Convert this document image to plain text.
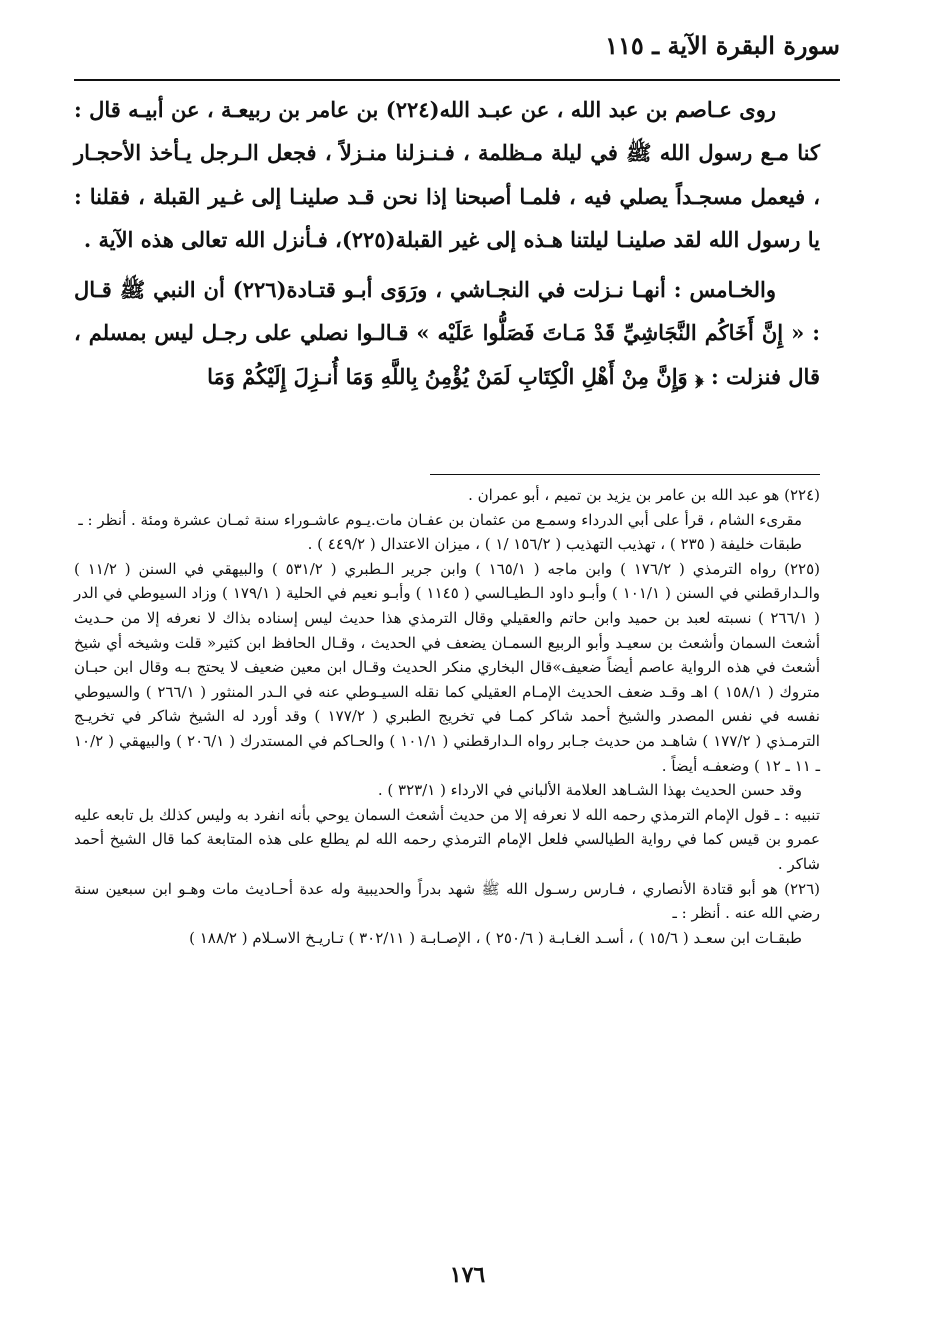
سورة البقرة الآية ـ ١١٥

روى عـاصم بن عبد الله ، عن عبـد الله(٢٢٤) بن عامر بن ربيعـة ، عن أبيـه قال : كنا مـع رسول الله ﷺ في ليلة مـظلمة ، فـنـزلنا منـزلاً ، فجعل الـرجل يـأخذ الأحجـار ، فيعمل مسجـداً يصلي فيه ، فلمـا أصبحنا إذا نحن قـد صلينـا إلى غـير القبلة ، فقلنا : يا رسول الله لقد صلينـا ليلتنا هـذه إلى غير القبلة(٢٢٥)، فـأنزل الله تعالى هذه الآية .

والخـامس : أنهـا نـزلت في النجـاشي ، ورَوَى أبـو قتـادة(٢٢٦) أن النبي ﷺ قـال : « إِنَّ أَخَاكُم النَّجَاشِيِّ قَدْ مَـاتَ فَصَلُّوا عَلَيْه » قـالـوا نصلي على رجـل ليس بمسلم ، قال فنزلت : ﴿ وَإِنَّ مِنْ أَهْلِ الْكِتَابِ لَمَنْ يُؤْمِنُ بِاللَّهِ وَمَا أُنـزِلَ إِلَيْكُمْ وَمَا

(٢٢٤) هو عبد الله بن عامر بن يزيد بن تميم ، أبو عمران .

مقرىء الشام ، قرأ على أبي الدرداء وسمـع من عثمان بن عفـان مات.يـوم عاشـوراء سنة ثمـان عشرة ومئة . أنظر : ـ

طبقات خليفة ( ٢٣٥ ) ، تهذيب التهذيب ( ١٥٦/٢ /١ ) ، ميزان الاعتدال ( ٤٤٩/٢ ) .

(٢٢٥) رواه الترمذي ( ١٧٦/٢ ) وابن ماجه ( ١٦٥/١ ) وابن جرير الـطبري ( ٥٣١/٢ ) والبيهقي في السنن ( ١١/٢ ) والـدارقطني في السنن ( ١٠١/١ ) وأبـو داود الـطيـالسي ( ١١٤٥ ) وأبـو نعيم في الحلية ( ١٧٩/١ ) وزاد السيوطي في الدر ( ٢٦٦/١ ) نسبته لعبد بن حميد وابن حاتم والعقيلي وقال الترمذي هذا حديث ليس إسناده بذاك لا نعرفه إلا من حـديث أشعث السمان وأشعث بن سعيـد وأبو الربيع السمـان يضعف في الحديث ، وقـال الحافظ ابن كثير« قلت وشيخه أي شيخ أشعث في هذه الرواية عاصم أيضاً ضعيف»قال البخاري منكر الحديث وقـال ابن معين ضعيف لا يحتج بـه وقال ابن حبـان متروك ( ١٥٨/١ ) اهـ وقـد ضعف الحديث الإمـام العقيلي كما نقله السيـوطي عنه في الـدر المنثور ( ٢٦٦/١ ) والسيوطي نفسه في نفس المصدر والشيخ أحمد شاكر كمـا في تخريج الطبري ( ١٧٧/٢ ) وقد أورد له الشيخ شاكر في تخريـج الترمـذي ( ١٧٧/٢ ) شاهـد من حديث جـابر رواه الـدارقطني ( ١٠١/١ ) والحـاكم في المستدرك ( ٢٠٦/١ ) والبيهقي ( ١٠/٢ ـ ١١ ـ ١٢ ) وضعفـه أيضاً .

وقد حسن الحديث بهذا الشـاهد العلامة الألباني في الارداء ( ٣٢٣/١ ) .

تنبيه : ـ قول الإمام الترمذي رحمه الله لا نعرفه إلا من حديث أشعث السمان يوحي بأنه انفرد به وليس كذلك بل تابعه عليه عمرو بن قيس كما في رواية الطيالسي فلعل الإمام الترمذي رحمه الله لم يطلع على هذه المتابعة كما قال الشيخ أحمد شاكر .

(٢٢٦) هو أبو قتادة الأنصاري ، فـارس رسـول الله ﷺ شهد بدراً والحديبية وله عدة أحـاديث مات وهـو ابن سبعين سنة رضي الله عنه . أنظر : ـ

طبقـات ابن سعـد ( ١٥/٦ ) ، أسـد الغـابـة ( ٢٥٠/٦ ) ، الإصـابـة ( ٣٠٢/١١ ) تـاريـخ الاسـلام ( ١٨٨/٢ )

١٧٦
